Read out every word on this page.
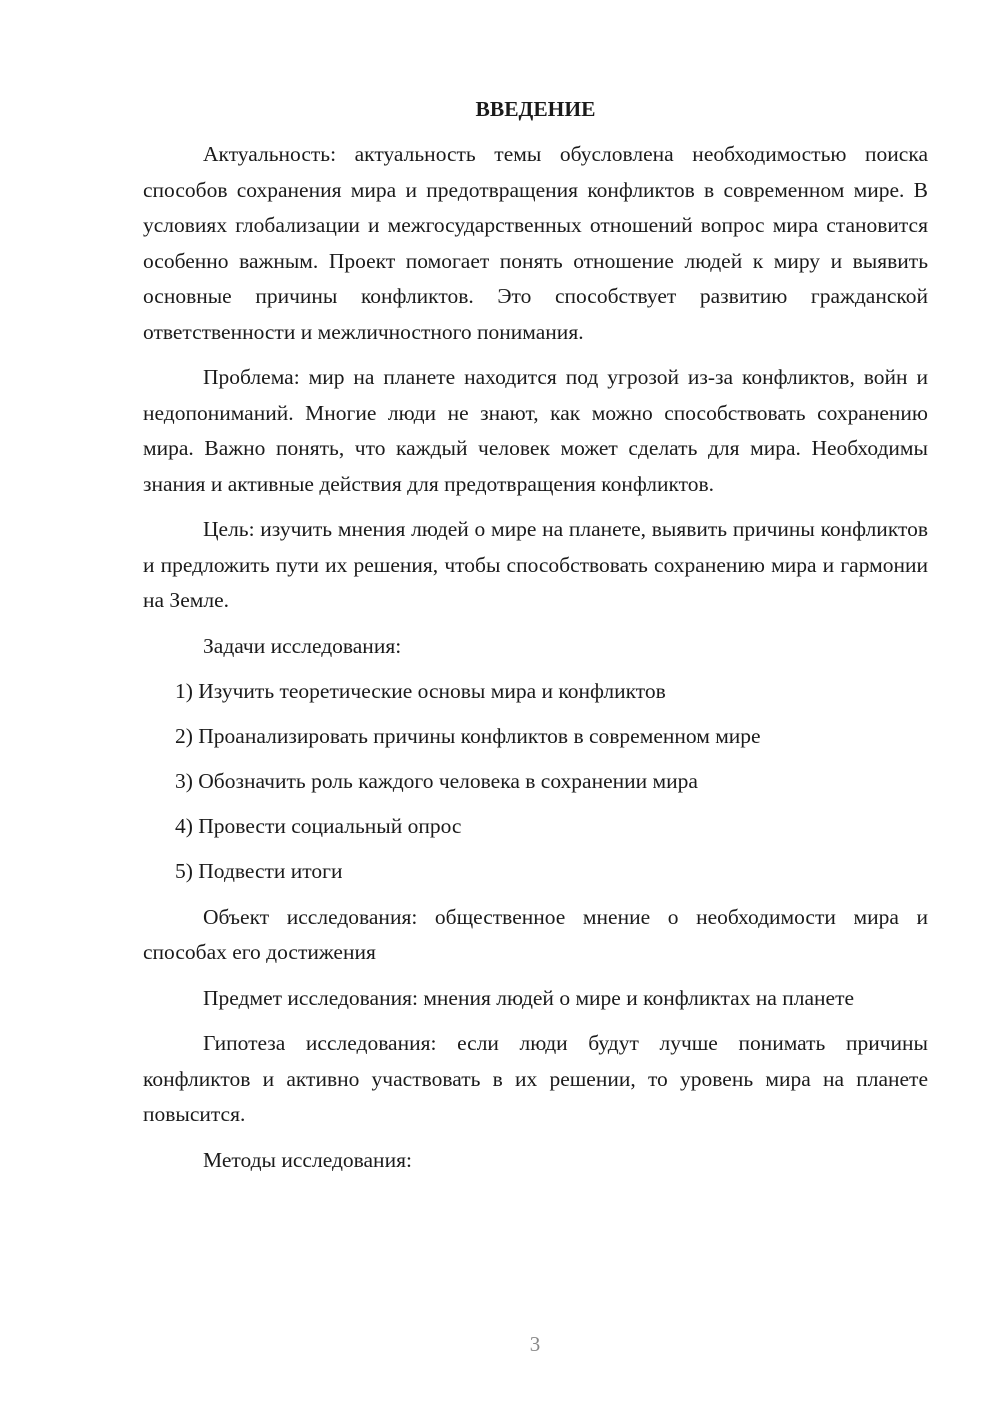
ВВЕДЕНИЕ

Актуальность: актуальность темы обусловлена необходимостью поиска способов сохранения мира и предотвращения конфликтов в современном мире. В условиях глобализации и межгосударственных отношений вопрос мира становится особенно важным. Проект помогает понять отношение людей к миру и выявить основные причины конфликтов. Это способствует развитию гражданской ответственности и межличностного понимания.

Проблема: мир на планете находится под угрозой из-за конфликтов, войн и недопониманий. Многие люди не знают, как можно способствовать сохранению мира. Важно понять, что каждый человек может сделать для мира. Необходимы знания и активные действия для предотвращения конфликтов.

Цель: изучить мнения людей о мире на планете, выявить причины конфликтов и предложить пути их решения, чтобы способствовать сохранению мира и гармонии на Земле.

Задачи исследования:

1) Изучить теоретические основы мира и конфликтов
2) Проанализировать причины конфликтов в современном мире
3) Обозначить роль каждого человека в сохранении мира
4) Провести социальный опрос
5) Подвести итоги

Объект исследования: общественное мнение о необходимости мира и способах его достижения

Предмет исследования: мнения людей о мире и конфликтах на планете

Гипотеза исследования: если люди будут лучше понимать причины конфликтов и активно участвовать в их решении, то уровень мира на планете повысится.

Методы исследования:

3
